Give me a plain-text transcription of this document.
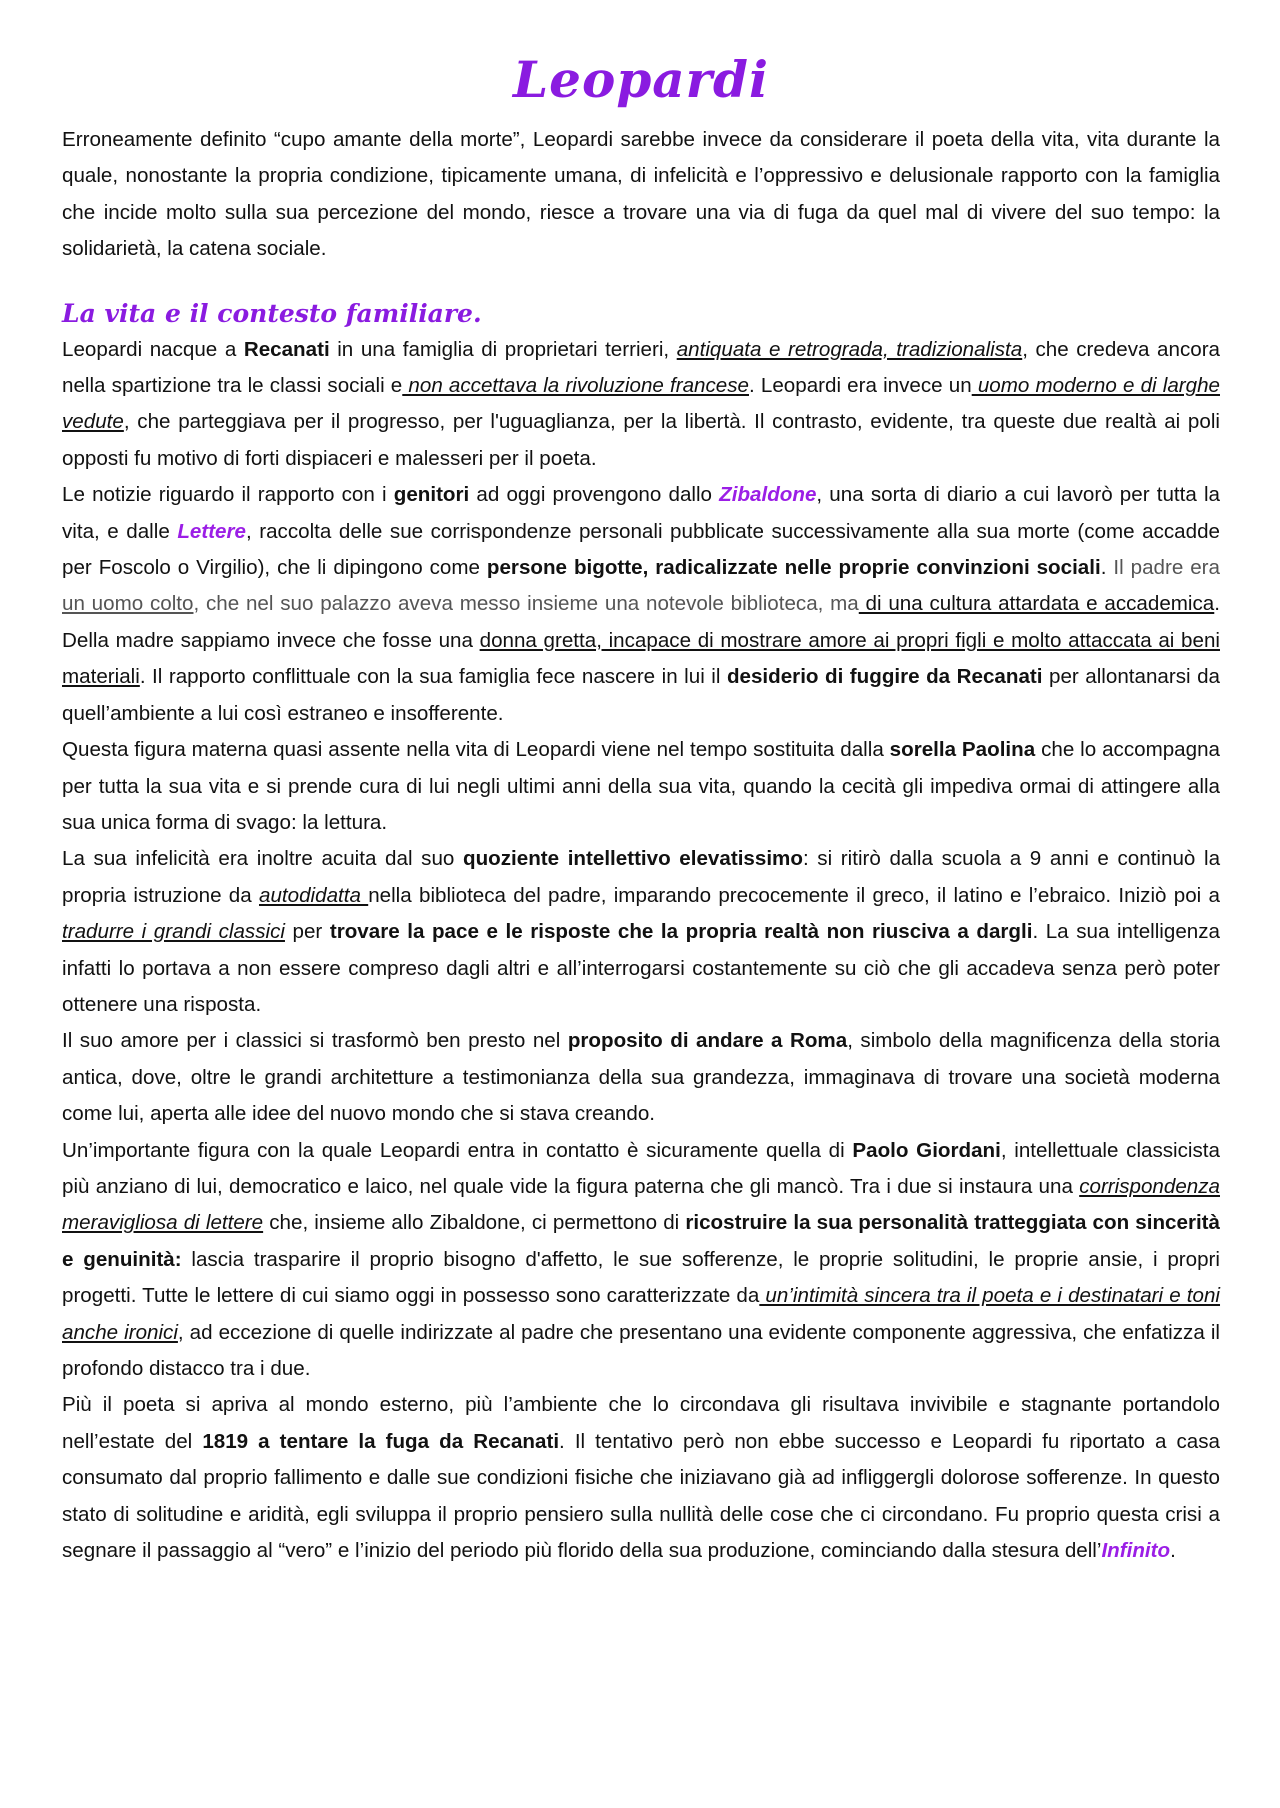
Leopardi

Erroneamente definito “cupo amante della morte”, Leopardi sarebbe invece da considerare il poeta della vita, vita durante la quale, nonostante la propria condizione, tipicamente umana, di infelicità e l’oppressivo e delusionale rapporto con la famiglia che incide molto sulla sua percezione del mondo, riesce a trovare una via di fuga da quel mal di vivere del suo tempo: la solidarietà, la catena sociale.

La vita e il contesto familiare.

Leopardi nacque a Recanati in una famiglia di proprietari terrieri, antiquata e retrograda, tradizionalista, che credeva ancora nella spartizione tra le classi sociali e non accettava la rivoluzione francese. Leopardi era invece un uomo moderno e di larghe vedute, che parteggiava per il progresso, per l'uguaglianza, per la libertà. Il contrasto, evidente, tra queste due realtà ai poli opposti fu motivo di forti dispiaceri e malesseri per il poeta.

Le notizie riguardo il rapporto con i genitori ad oggi provengono dallo Zibaldone, una sorta di diario a cui lavorò per tutta la vita, e dalle Lettere, raccolta delle sue corrispondenze personali pubblicate successivamente alla sua morte (come accadde per Foscolo o Virgilio), che li dipingono come persone bigotte, radicalizzate nelle proprie convinzioni sociali. Il padre era un uomo colto, che nel suo palazzo aveva messo insieme una notevole biblioteca, ma di una cultura attardata e accademica. Della madre sappiamo invece che fosse una donna gretta, incapace di mostrare amore ai propri figli e molto attaccata ai beni materiali. Il rapporto conflittuale con la sua famiglia fece nascere in lui il desiderio di fuggire da Recanati per allontanarsi da quell’ambiente a lui così estraneo e insofferente.

Questa figura materna quasi assente nella vita di Leopardi viene nel tempo sostituita dalla sorella Paolina che lo accompagna per tutta la sua vita e si prende cura di lui negli ultimi anni della sua vita, quando la cecità gli impediva ormai di attingere alla sua unica forma di svago: la lettura.

La sua infelicità era inoltre acuita dal suo quoziente intellettivo elevatissimo: si ritirò dalla scuola a 9 anni e continuò la propria istruzione da autodidatta nella biblioteca del padre, imparando precocemente il greco, il latino e l’ebraico. Iniziò poi a tradurre i grandi classici per trovare la pace e le risposte che la propria realtà non riusciva a dargli. La sua intelligenza infatti lo portava a non essere compreso dagli altri e all’interrogarsi costantemente su ciò che gli accadeva senza però poter ottenere una risposta.

Il suo amore per i classici si trasformò ben presto nel proposito di andare a Roma, simbolo della magnificenza della storia antica, dove, oltre le grandi architetture a testimonianza della sua grandezza, immaginava di trovare una società moderna come lui, aperta alle idee del nuovo mondo che si stava creando.

Un’importante figura con la quale Leopardi entra in contatto è sicuramente quella di Paolo Giordani, intellettuale classicista più anziano di lui, democratico e laico, nel quale vide la figura paterna che gli mancò. Tra i due si instaura una corrispondenza meravigliosa di lettere che, insieme allo Zibaldone, ci permettono di ricostruire la sua personalità tratteggiata con sincerità e genuinità: lascia trasparire il proprio bisogno d'affetto, le sue sofferenze, le proprie solitudini, le proprie ansie, i propri progetti. Tutte le lettere di cui siamo oggi in possesso sono caratterizzate da un’intimità sincera tra il poeta e i destinatari e toni anche ironici, ad eccezione di quelle indirizzate al padre che presentano una evidente componente aggressiva, che enfatizza il profondo distacco tra i due.

Più il poeta si apriva al mondo esterno, più l’ambiente che lo circondava gli risultava invivibile e stagnante portandolo nell’estate del 1819 a tentare la fuga da Recanati. Il tentativo però non ebbe successo e Leopardi fu riportato a casa consumato dal proprio fallimento e dalle sue condizioni fisiche che iniziavano già ad infliggergli dolorose sofferenze. In questo stato di solitudine e aridità, egli sviluppa il proprio pensiero sulla nullità delle cose che ci circondano. Fu proprio questa crisi a segnare il passaggio al “vero” e l’inizio del periodo più florido della sua produzione, cominciando dalla stesura dell’Infinito.
